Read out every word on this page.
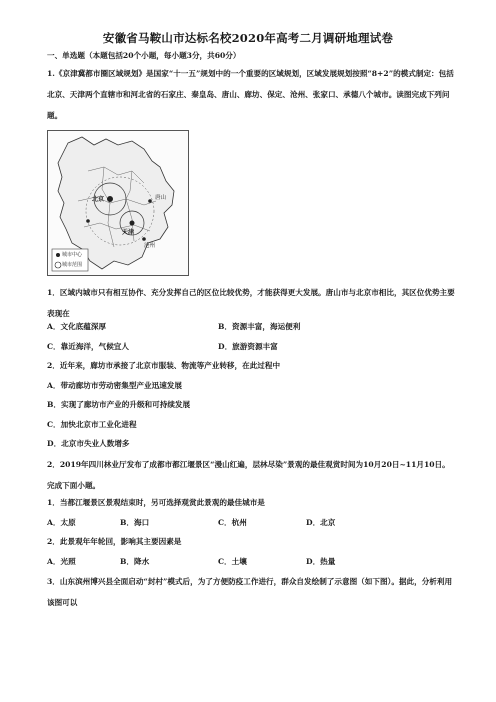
安徽省马鞍山市达标名校2020年高考二月调研地理试卷
一、单选题（本题包括20个小题，每小题3分，共60分）
1.《京津冀都市圈区域规划》是国家“十一五”规划中的一个重要的区域规划，区域发展规划按照“8+2”的模式制定：包括北京、天津两个直辖市和河北省的石家庄、秦皇岛、唐山、廊坊、保定、沧州、张家口、承德八个城市。读图完成下列问题。
北京
天津
唐山
沧州
城市中心
城市范围
1．区域内城市只有相互协作、充分发挥自己的区位比较优势，才能获得更大发展。唐山市与北京市相比，其区位优势主要表现在
A．文化底蕴深厚	B．资源丰富，海运便利
C．靠近海洋，气候宜人	D．旅游资源丰富
2．近年来，廊坊市承接了北京市服装、物流等产业转移，在此过程中
A．带动廊坊市劳动密集型产业迅速发展
B．实现了廊坊市产业的升级和可持续发展
C．加快北京市工业化进程
D．北京市失业人数增多
2．2019年四川林业厅发布了成都市都江堰景区“漫山红遍，层林尽染”景观的最佳观赏时间为10月20日~11月10日。完成下面小题。
1．当都江堰景区景观结束时，另可选择观赏此景观的最佳城市是
A．太原	B．海口	C．杭州	D．北京
2．此景观年年轮回，影响其主要因素是
A．光照	B．降水	C．土壤	D．热量
3．山东滨州博兴县全面启动“封村”模式后，为了方便防疫工作进行，群众自发绘制了示意图（如下图）。据此，分析利用该图可以
